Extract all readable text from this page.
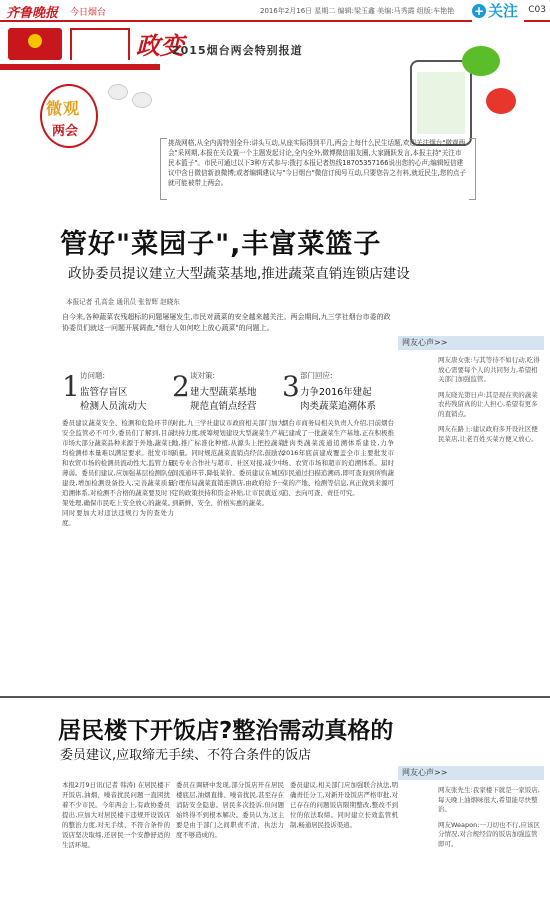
齐鲁晚报 今日烟台	2016年2月16日 星期二 编辑:梁玉鑫 美编:马秀霞 组版:车艳艳 + 关注	C03
政变
2015烟台两会特别报道
微观
两会
挑战网格,从全内需特别全升:讲头互动,从座实际得到平几,两会上每什么民生话题,欢迎关注烟台"微观两会"采网期,本报在关设置一个主题发起讨论,全内全外,微博微信朋友圈,大家踊跃发言,本报主持"关注市民本篮子"。市民可通过以下3种方式参与:拨打本报记者热线18705357166说出您的心声;编辑短信建议中含日微信新浪微博;或者编辑建议与"今日烟台"微信订阅号互动,只要您告之有料,就近民生,您的点子就可能被带上两会。
管好"菜园子",丰富菜篮子
政协委员提议建立大型蔬菜基地,推进蔬菜直销连锁店建设
本报记者 孔高金 通讯员 张智辉 赵晓东
自今来,各种蔬菜农残超标的问题屡屡发生,市民对蔬菜的安全越来越关注。两会期间,九三学社烟台市委的政协委员们就这一问题开展调查,"烟台人如何吃上放心蔬菜"的问题上。
1 访问题:
监管存盲区
检测人员流动大
委员建议蔬菜安全、检测和危险环节的安全监管必不可少,委员们了解到,目前市场大部分蔬菜品种来源于外地,蔬菜日均检测样本量难以满足要求。批发市场和农贸市场的检测员流动性大,监管力量薄弱。委员们建议,应加强基层检测队伍建设,增加检测设备投入,完善蔬菜质量追溯体系,对检测不合格的蔬菜要及时下架处理,确保市民吃上安全放心的蔬菜。同时要加大对违法违规行为的查处力度。
2 谈对策:
建大型蔬菜基地
规范直销点经营
对此,九三学社建议市政府相关部门加大扶持力度,统筹规划建设大型蔬菜生产基地,推广标准化种植,从源头上把控蔬菜质量。同时规范蔬菜直销点经营,鼓励农民专业合作社与超市、社区对接,减少中间流通环节,降低菜价。委员建议在城区合理布局蔬菜直销连锁店,由政府给予一定的政策扶持和资金补贴,让市民就近买到新鲜、安全、价格实惠的蔬菜。
3 部门回应:
力争2016年建起
肉类蔬菜追溯体系
烟台市商务局相关负责人介绍,目前烟台已建成了一批蔬菜生产基地,正在积极推进肉类蔬菜流通追溯体系建设,力争2016年底前建成覆盖全市主要批发市场、农贸市场和超市的追溯体系。届时市民通过扫描追溯码,即可查询到所购蔬菜的产地、检测等信息,真正做到来源可追、去向可查、责任可究。
网友心声>>
网友唐女张:与其等待不如行动,吃得放心需要每个人的共同努力,希望相关部门加强监管。
网友晓光第日声:其是现在卖的蔬菜农药残留真的让人担心,希望有更多的直销点。
网友在路上:建议政府多开设社区便民菜店,让老百姓买菜方便又放心。
居民楼下开饭店?整治需动真格的
委员建议,应取缔无手续、不符合条件的饭店
本报2月9日讯(记者 韩涛) 在居民楼下开饭店,油烟、噪音扰民问题一直困扰着不少市民。今年两会上,有政协委员提出,应加大对居民楼下违规开设饭店的整治力度,对无手续、不符合条件的饭店坚决取缔,还居民一个安静舒适的生活环境。
委员在调研中发现,部分饭店开在居民楼底层,油烟直排、噪音扰民,甚至存在消防安全隐患。居民多次投诉,但问题始终得不到根本解决。委员认为,这主要是由于部门之间职责不清、执法力度不够造成的。
委员建议,相关部门应加强联合执法,明确责任分工,对新开设饭店严格审批,对已存在的问题饭店限期整改,整改不到位的依法取缔。同时建立长效监管机制,畅通居民投诉渠道。
网友心声>>
网友张先生:我家楼下就是一家饭店,每天晚上油烟味很大,希望能尽快整治。
网友Weapon:一刀切也不行,应该区分情况,对合规经营的饭店加强监管即可。
